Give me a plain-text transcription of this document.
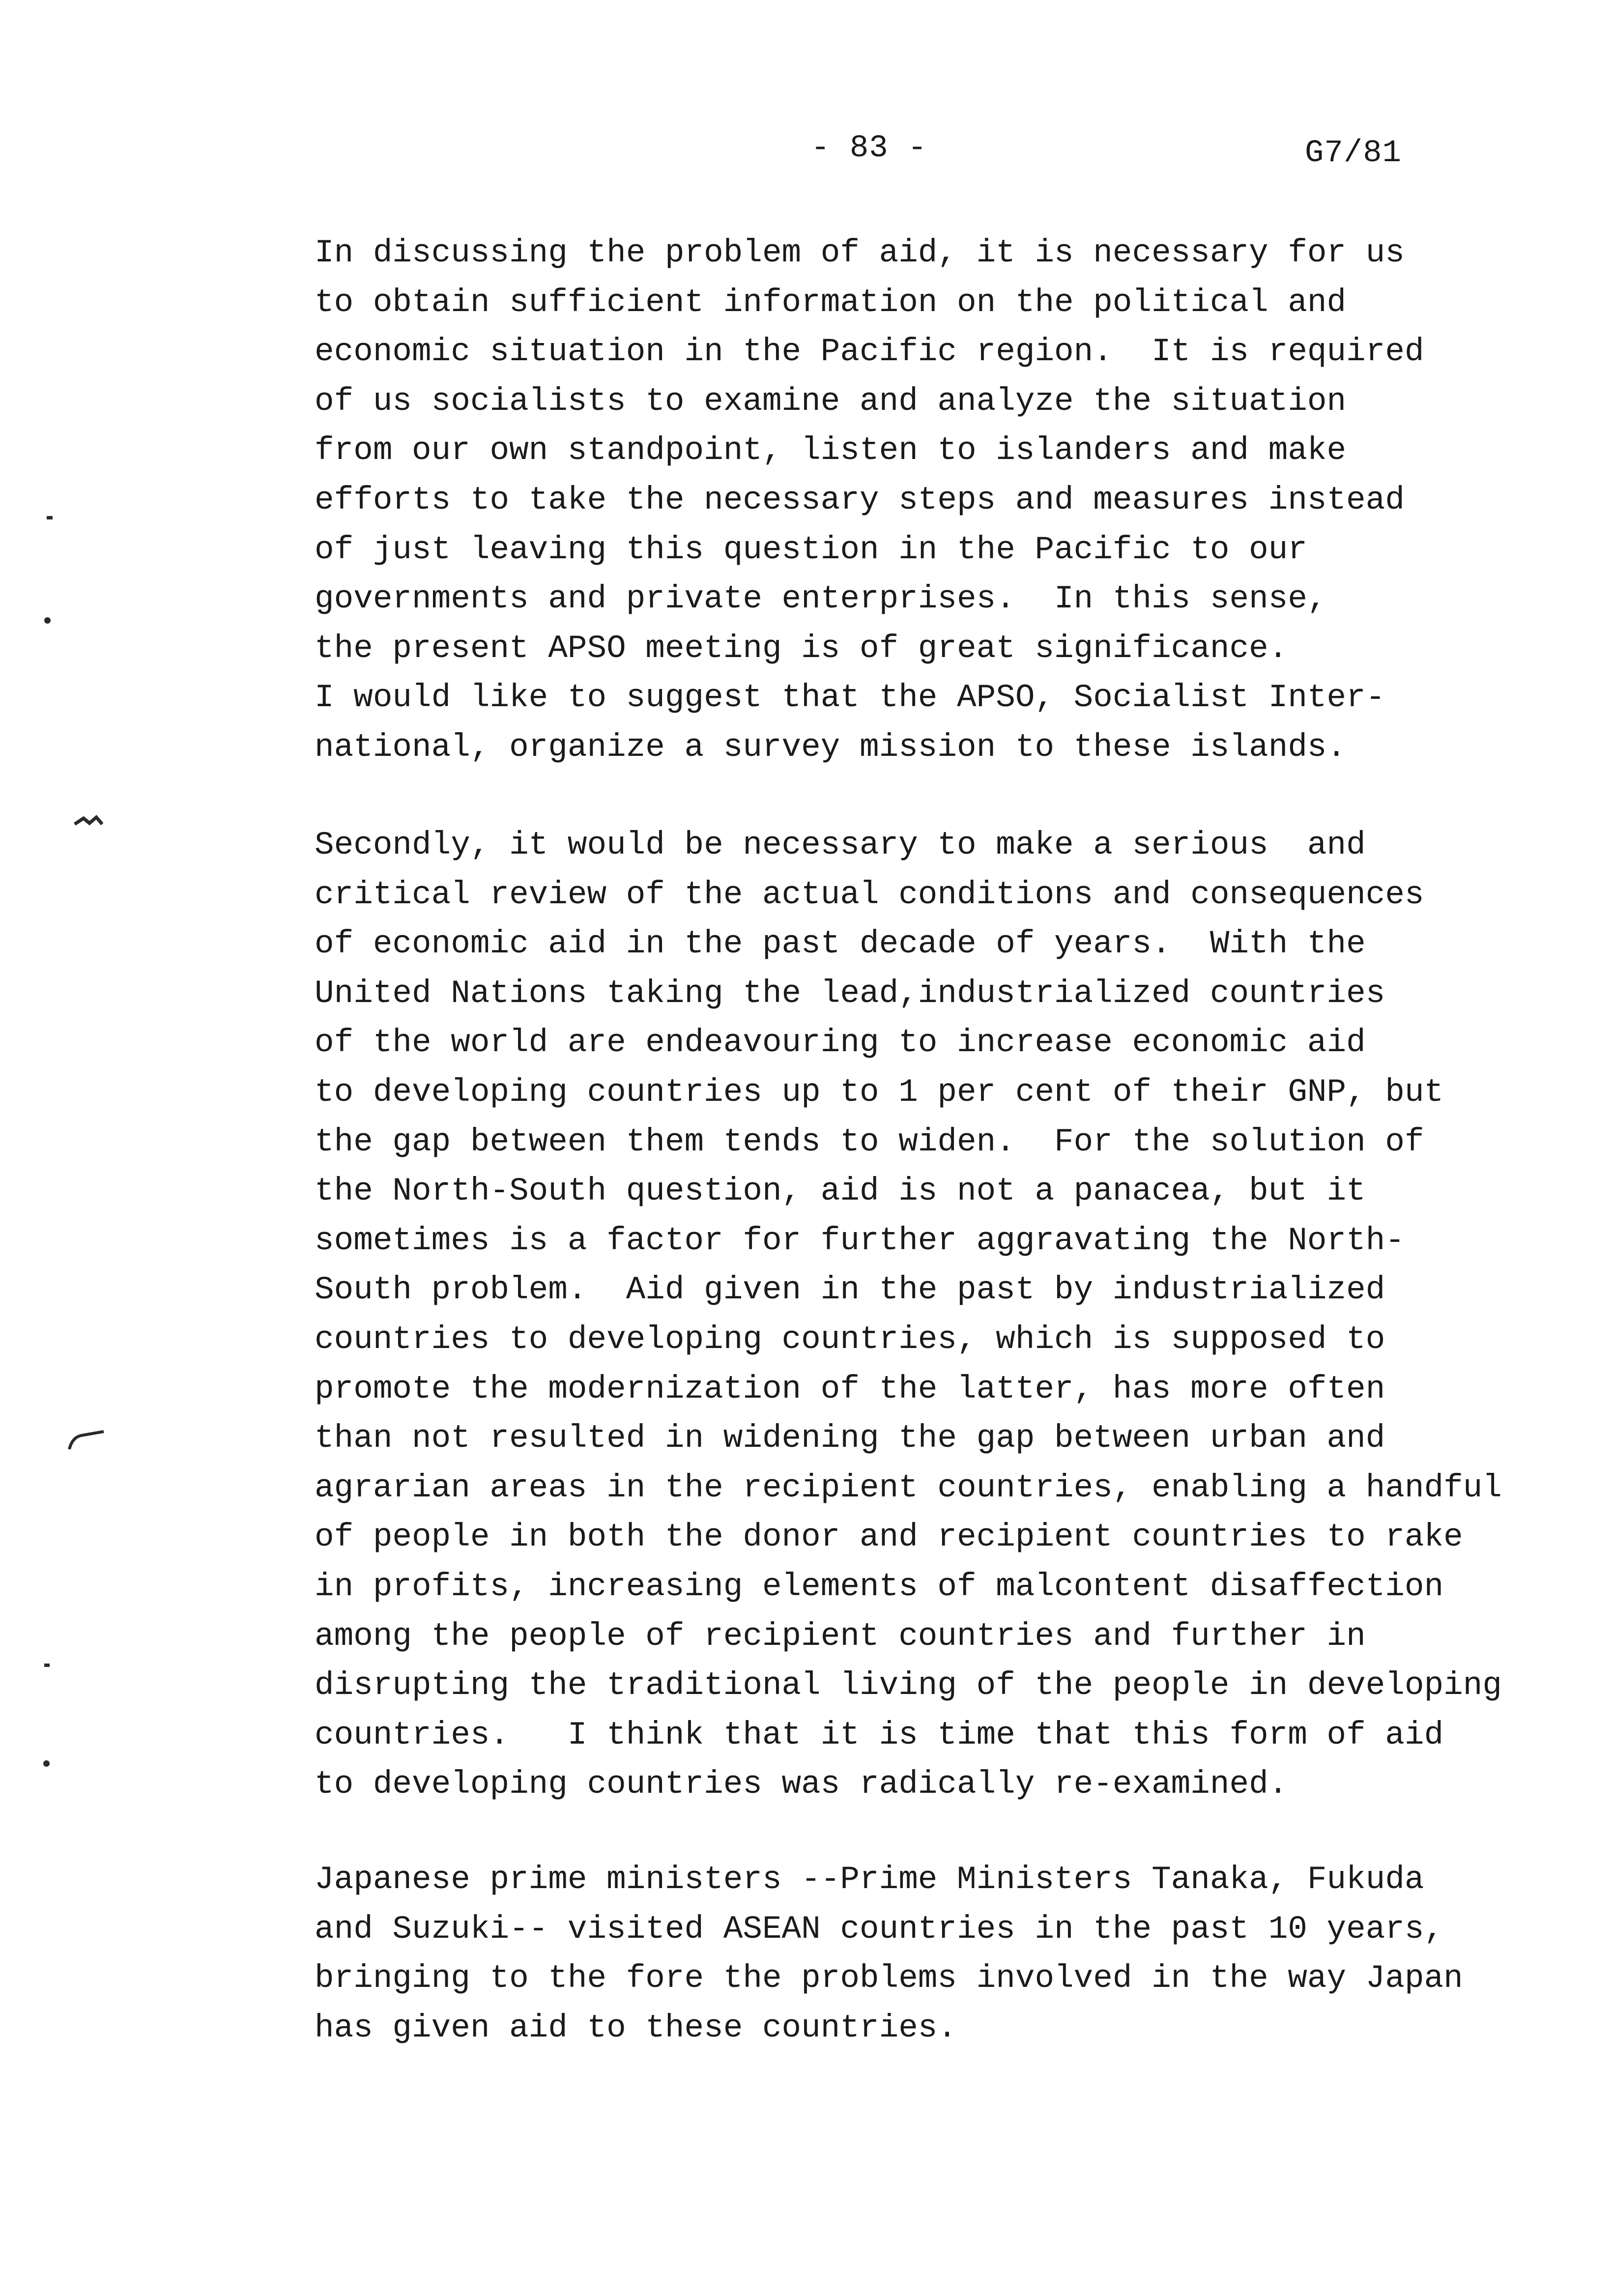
- 83 -	G7/81
In discussing the problem of aid, it is necessary for us
to obtain sufficient information on the political and
economic situation in the Pacific region.  It is required
of us socialists to examine and analyze the situation
from our own standpoint, listen to islanders and make
efforts to take the necessary steps and measures instead
of just leaving this question in the Pacific to our
governments and private enterprises.  In this sense,
the present APSO meeting is of great significance.
I would like to suggest that the APSO, Socialist Inter-
national, organize a survey mission to these islands.
Secondly, it would be necessary to make a serious  and
critical review of the actual conditions and consequences
of economic aid in the past decade of years.  With the
United Nations taking the lead,industrialized countries
of the world are endeavouring to increase economic aid
to developing countries up to 1 per cent of their GNP, but
the gap between them tends to widen.  For the solution of
the North-South question, aid is not a panacea, but it
sometimes is a factor for further aggravating the North-
South problem.  Aid given in the past by industrialized
countries to developing countries, which is supposed to
promote the modernization of the latter, has more often
than not resulted in widening the gap between urban and
agrarian areas in the recipient countries, enabling a handful
of people in both the donor and recipient countries to rake
in profits, increasing elements of malcontent disaffection
among the people of recipient countries and further in
disrupting the traditional living of the people in developing
countries.   I think that it is time that this form of aid
to developing countries was radically re-examined.
Japanese prime ministers --Prime Ministers Tanaka, Fukuda
and Suzuki-- visited ASEAN countries in the past 10 years,
bringing to the fore the problems involved in the way Japan
has given aid to these countries.
